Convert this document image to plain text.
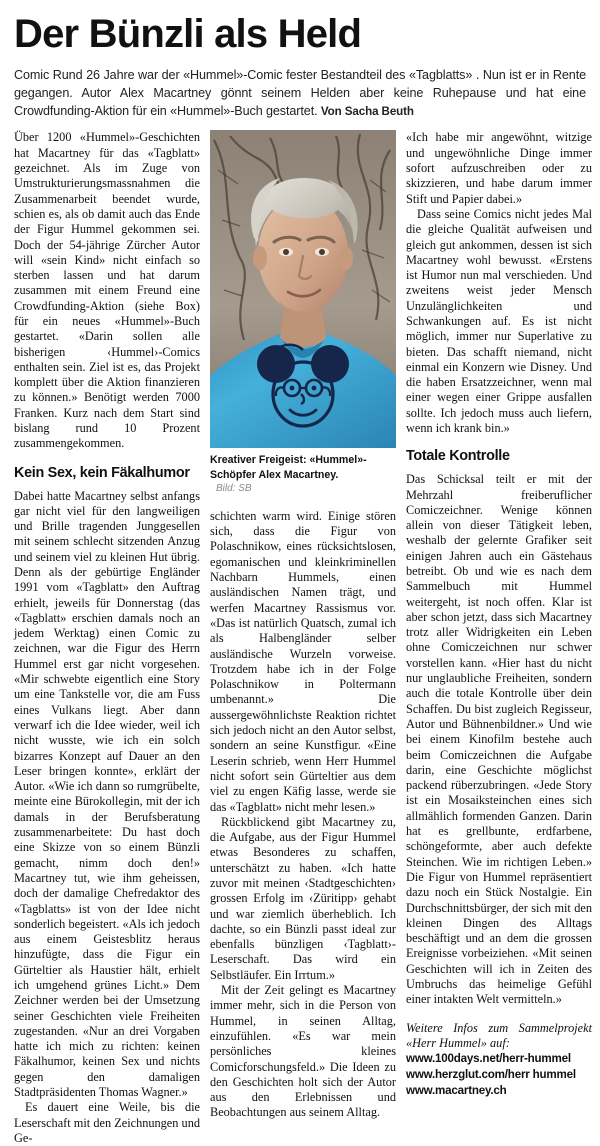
Der Bünzli als Held

Comic Rund 26 Jahre war der «Hummel»-Comic fester Bestandteil des «Tagblatts» . Nun ist er in Rente gegangen. Autor Alex Macartney gönnt seinem Helden aber keine Ruhepause und hat eine Crowdfunding-Aktion für ein «Hummel»-Buch gestartet. Von Sacha Beuth

Über 1200 «Hummel»-Geschichten hat Macartney für das «Tagblatt» gezeichnet. Als im Zuge von Umstrukturierungsmassnahmen die Zusammenarbeit beendet wurde, schien es, als ob damit auch das Ende der Figur Hummel gekommen sei. Doch der 54-jährige Zürcher Autor will «sein Kind» nicht einfach so sterben lassen und hat darum zusammen mit einem Freund eine Crowdfunding-Aktion (siehe Box) für ein neues «Hummel»-Buch gestartet. «Darin sollen alle bisherigen ‹Hummel›-Comics enthalten sein. Ziel ist es, das Projekt komplett über die Aktion finanzieren zu können.» Benötigt werden 7000 Franken. Kurz nach dem Start sind bislang rund 10 Prozent zusammengekommen.

Kein Sex, kein Fäkalhumor

Dabei hatte Macartney selbst anfangs gar nicht viel für den langweiligen und Brille tragenden Junggesellen mit seinem schlecht sitzenden Anzug und seinem viel zu kleinen Hut übrig. Denn als der gebürtige Engländer 1991 vom «Tagblatt» den Auftrag erhielt, jeweils für Donnerstag (das «Tagblatt» erschien damals noch an jedem Werktag) einen Comic zu zeichnen, war die Figur des Herrn Hummel erst gar nicht vorgesehen. «Mir schwebte eigentlich eine Story um eine Tankstelle vor, die am Fuss eines Vulkans liegt. Aber dann verwarf ich die Idee wieder, weil ich nicht wusste, wie ich ein solch bizarres Konzept auf Dauer an den Leser bringen konnte», erklärt der Autor. «Wie ich dann so rumgrübelte, meinte eine Bürokollegin, mit der ich damals in der Berufsberatung zusammenarbeitete: Du hast doch eine Skizze von so einem Bünzli gemacht, nimm doch den!» Macartney tut, wie ihm geheissen, doch der damalige Chefredaktor des «Tagblatts» ist von der Idee nicht sonderlich begeistert. «Als ich jedoch aus einem Geistesblitz heraus hinzufügte, dass die Figur ein Gürteltier als Haustier hält, erhielt ich umgehend grünes Licht.» Dem Zeichner werden bei der Umsetzung seiner Geschichten viele Freiheiten zugestanden. «Nur an drei Vorgaben hatte ich mich zu richten: keinen Fäkalhumor, keinen Sex und nichts gegen den damaligen Stadtpräsidenten Thomas Wagner.»

Es dauert eine Weile, bis die Leserschaft mit den Zeichnungen und Ge-

Kreativer Freigeist: «Hummel»-Schöpfer Alex Macartney.
Bild: SB

schichten warm wird. Einige stören sich, dass die Figur von Polaschnikow, eines rücksichtslosen, egomanischen und kleinkriminellen Nachbarn Hummels, einen ausländischen Namen trägt, und werfen Macartney Rassismus vor. «Das ist natürlich Quatsch, zumal ich als Halbengländer selber ausländische Wurzeln vorweise. Trotzdem habe ich in der Folge Polaschnikow in Poltermann umbenannt.» Die aussergewöhnlichste Reaktion richtet sich jedoch nicht an den Autor selbst, sondern an seine Kunstfigur. «Eine Leserin schrieb, wenn Herr Hummel nicht sofort sein Gürteltier aus dem viel zu engen Käfig lasse, werde sie das «Tagblatt» nicht mehr lesen.»

Rückblickend gibt Macartney zu, die Aufgabe, aus der Figur Hummel etwas Besonderes zu schaffen, unterschätzt zu haben. «Ich hatte zuvor mit meinen ‹Stadtgeschichten› grossen Erfolg im ‹Züritipp› gehabt und war ziemlich überheblich. Ich dachte, so ein Bünzli passt ideal zur ebenfalls bünzligen ‹Tagblatt›-Leserschaft. Das wird ein Selbstläufer. Ein Irrtum.»

Mit der Zeit gelingt es Macartney immer mehr, sich in die Person von Hummel, in seinen Alltag, einzufühlen. «Es war mein persönliches kleines Comicforschungsfeld.» Die Ideen zu den Geschichten holt sich der Autor aus den Erlebnissen und Beobachtungen aus seinem Alltag.

«Ich habe mir angewöhnt, witzige und ungewöhnliche Dinge immer sofort aufzuschreiben oder zu skizzieren, und habe darum immer Stift und Papier dabei.»

Dass seine Comics nicht jedes Mal die gleiche Qualität aufweisen und gleich gut ankommen, dessen ist sich Macartney wohl bewusst. «Erstens ist Humor nun mal verschieden. Und zweitens weist jeder Mensch Unzulänglichkeiten und Schwankungen auf. Es ist nicht möglich, immer nur Superlative zu bieten. Das schafft niemand, nicht einmal ein Konzern wie Disney. Und die haben Ersatzzeichner, wenn mal einer wegen einer Grippe ausfallen sollte. Ich jedoch muss auch liefern, wenn ich krank bin.»

Totale Kontrolle

Das Schicksal teilt er mit der Mehrzahl freiberuflicher Comiczeichner. Wenige können allein von dieser Tätigkeit leben, weshalb der gelernte Grafiker seit einigen Jahren auch ein Gästehaus betreibt. Ob und wie es nach dem Sammelbuch mit Hummel weitergeht, ist noch offen. Klar ist aber schon jetzt, dass sich Macartney trotz aller Widrigkeiten ein Leben ohne Comiczeichnen nur schwer vorstellen kann. «Hier hast du nicht nur unglaubliche Freiheiten, sondern auch die totale Kontrolle über dein Schaffen. Du bist zugleich Regisseur, Autor und Bühnenbildner.» Und wie bei einem Kinofilm bestehe auch beim Comiczeichnen die Aufgabe darin, eine Geschichte möglichst packend rüberzubringen. «Jede Story ist ein Mosaiksteinchen eines sich allmählich formenden Ganzen. Darin hat es grellbunte, erdfarbene, schöngeformte, aber auch defekte Steinchen. Wie im richtigen Leben.» Die Figur von Hummel repräsentiert dazu noch ein Stück Nostalgie. Ein Durchschnittsbürger, der sich mit den kleinen Dingen des Alltags beschäftigt und an dem die grossen Ereignisse vorbeiziehen. «Mit seinen Geschichten will ich in Zeiten des Umbruchs das heimelige Gefühl einer intakten Welt vermitteln.»

Weitere Infos zum Sammelprojekt «Herr Hummel» auf:

www.100days.net/herr-hummel
www.herzglut.com/herr hummel
www.macartney.ch
